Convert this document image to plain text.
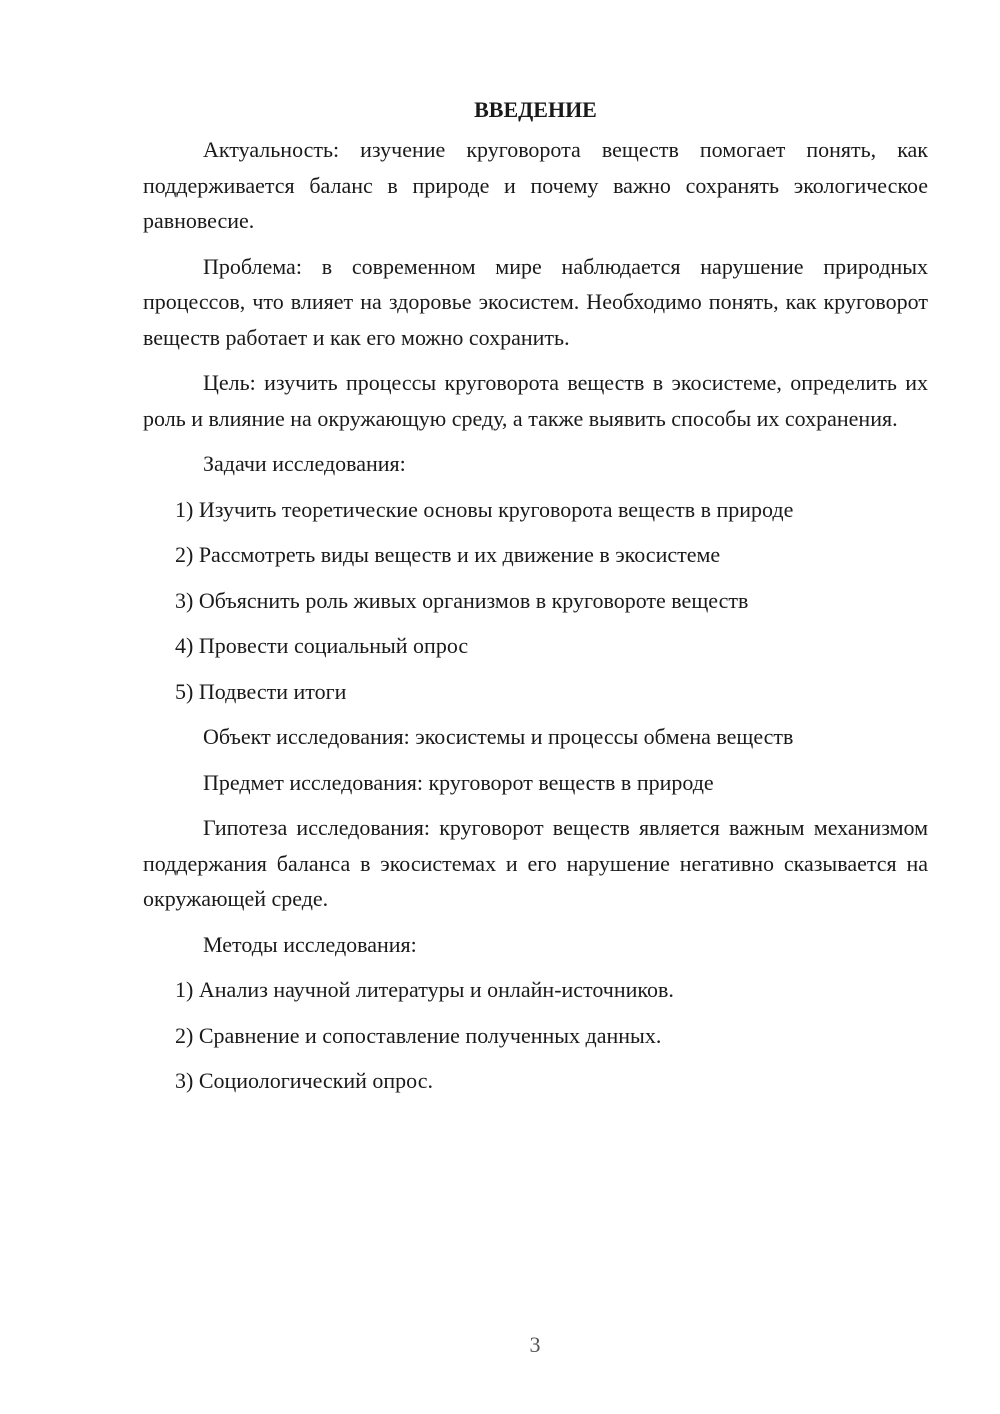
ВВЕДЕНИЕ
Актуальность: изучение круговорота веществ помогает понять, как поддерживается баланс в природе и почему важно сохранять экологическое равновесие.
Проблема: в современном мире наблюдается нарушение природных процессов, что влияет на здоровье экосистем. Необходимо понять, как круговорот веществ работает и как его можно сохранить.
Цель: изучить процессы круговорота веществ в экосистеме, определить их роль и влияние на окружающую среду, а также выявить способы их сохранения.
Задачи исследования:
1) Изучить теоретические основы круговорота веществ в природе
2) Рассмотреть виды веществ и их движение в экосистеме
3) Объяснить роль живых организмов в круговороте веществ
4) Провести социальный опрос
5) Подвести итоги
Объект исследования: экосистемы и процессы обмена веществ
Предмет исследования: круговорот веществ в природе
Гипотеза исследования: круговорот веществ является важным механизмом поддержания баланса в экосистемах и его нарушение негативно сказывается на окружающей среде.
Методы исследования:
1) Анализ научной литературы и онлайн-источников.
2) Сравнение и сопоставление полученных данных.
3) Социологический опрос.
3
